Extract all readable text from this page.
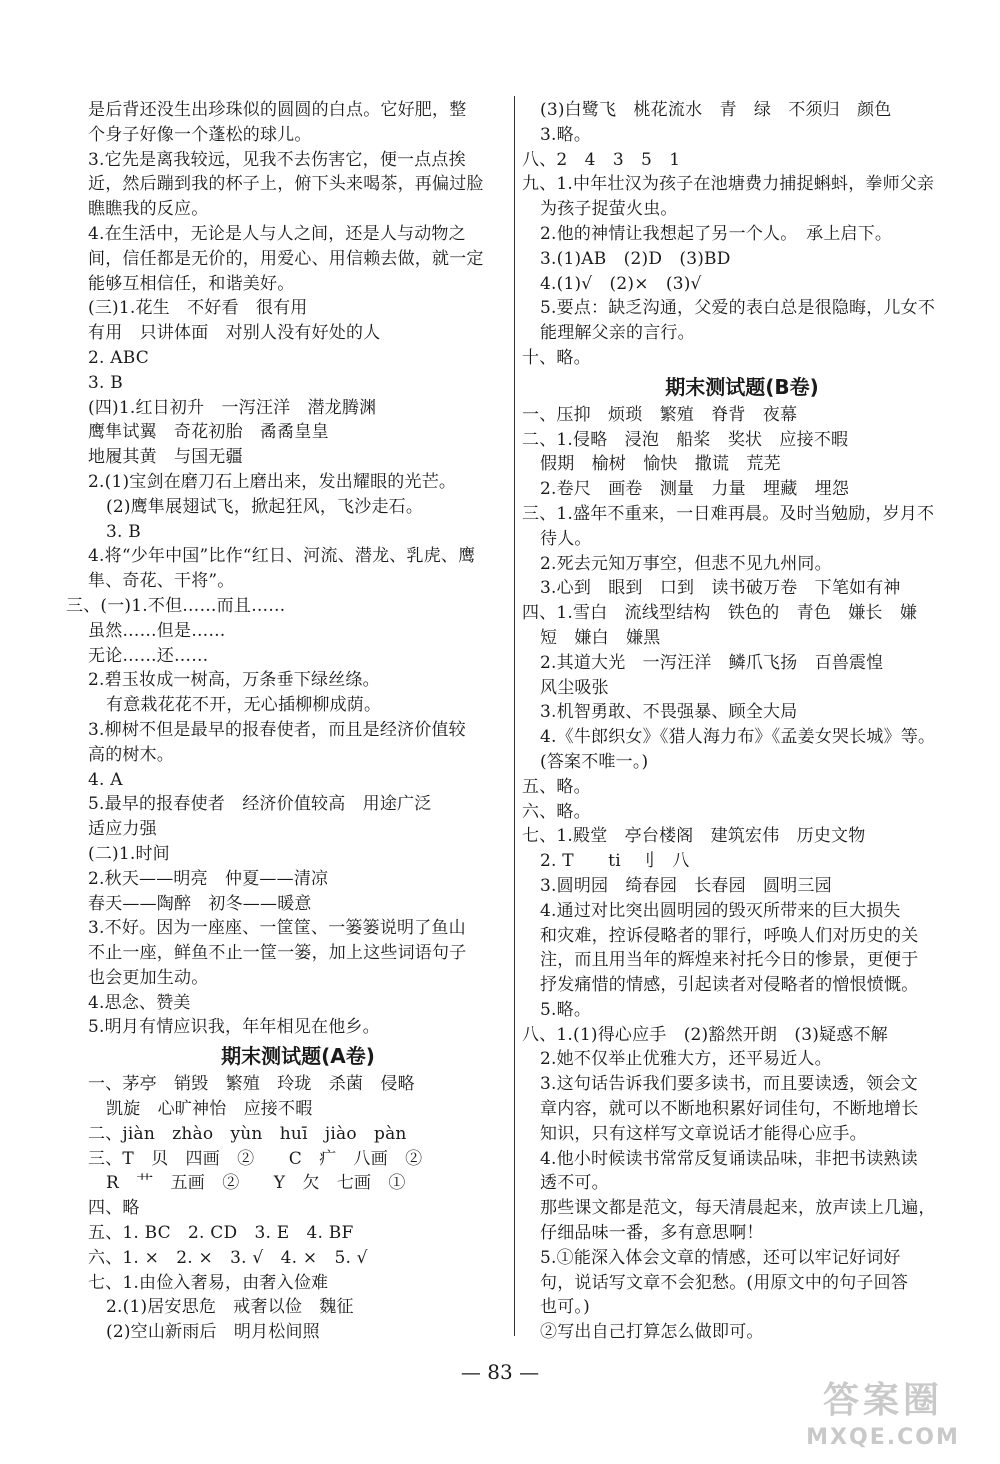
是后背还没生出珍珠似的圆圆的白点。它好肥，整
个身子好像一个蓬松的球儿。
3.它先是离我较远，见我不去伤害它，便一点点挨
近，然后蹦到我的杯子上，俯下头来喝茶，再偏过脸
瞧瞧我的反应。
4.在生活中，无论是人与人之间，还是人与动物之
间，信任都是无价的，用爱心、用信赖去做，就一定
能够互相信任，和谐美好。
(三)1.花生　不好看　很有用
有用　只讲体面　对别人没有好处的人
2. ABC
3. B
(四)1.红日初升　一泻汪洋　潜龙腾渊
鹰隼试翼　奇花初胎　矞矞皇皇
地履其黄　与国无疆
2.(1)宝剑在磨刀石上磨出来，发出耀眼的光芒。
(2)鹰隼展翅试飞，掀起狂风，飞沙走石。
3. B
4.将“少年中国”比作“红日、河流、潜龙、乳虎、鹰
隼、奇花、干将”。
三、(一)1.不但……而且……
虽然……但是……
无论……还……
2.碧玉妆成一树高，万条垂下绿丝绦。
有意栽花花不开，无心插柳柳成荫。
3.柳树不但是最早的报春使者，而且是经济价值较
高的树木。
4. A
5.最早的报春使者　经济价值较高　用途广泛
适应力强
(二)1.时间
2.秋天——明亮　仲夏——清凉
春天——陶醉　初冬——暖意
3.不好。因为一座座、一筐筐、一篓篓说明了鱼山
不止一座，鲜鱼不止一筐一篓，加上这些词语句子
也会更加生动。
4.思念、赞美
5.明月有情应识我，年年相见在他乡。
期末测试题(A卷)
一、茅亭　销毁　繁殖　玲珑　杀菌　侵略
凯旋　心旷神怡　应接不暇
二、jiàn　zhào　yùn　huī　jiào　pàn
三、T　贝　四画　②　　C　疒　八画　②
R　艹　五画　②　　Y　欠　七画　①
四、略
五、1. BC　2. CD　3. E　4. BF
六、1. ×　2. ×　3. √　4. ×　5. √
七、1.由俭入奢易，由奢入俭难
2.(1)居安思危　戒奢以俭　魏征
(2)空山新雨后　明月松间照
(3)白鹭飞　桃花流水　青　绿　不须归　颜色
3.略。
八、2　4　3　5　1
九、1.中年壮汉为孩子在池塘费力捕捉蝌蚪，拳师父亲
为孩子捉萤火虫。
2.他的神情让我想起了另一个人。　承上启下。
3.(1)AB　(2)D　(3)BD
4.(1)√　(2)×　(3)√
5.要点：缺乏沟通，父爱的表白总是很隐晦，儿女不
能理解父亲的言行。
十、略。
期末测试题(B卷)
一、压抑　烦琐　繁殖　脊背　夜幕
二、1.侵略　浸泡　船桨　奖状　应接不暇
假期　榆树　愉快　撒谎　荒芜
2.卷尺　画卷　测量　力量　埋藏　埋怨
三、1.盛年不重来，一日难再晨。及时当勉励，岁月不
待人。
2.死去元知万事空，但悲不见九州同。
3.心到　眼到　口到　读书破万卷　下笔如有神
四、1.雪白　流线型结构　铁色的　青色　嫌长　嫌
短　嫌白　嫌黑
2.其道大光　一泻汪洋　鳞爪飞扬　百兽震惶
风尘吸张
3.机智勇敢、不畏强暴、顾全大局
4.《牛郎织女》《猎人海力布》《孟姜女哭长城》等。
(答案不唯一。)
五、略。
六、略。
七、1.殿堂　亭台楼阁　建筑宏伟　历史文物
2. T　　ti　刂　八
3.圆明园　绮春园　长春园　圆明三园
4.通过对比突出圆明园的毁灭所带来的巨大损失
和灾难，控诉侵略者的罪行，呼唤人们对历史的关
注，而且用当年的辉煌来衬托今日的惨景，更便于
抒发痛惜的情感，引起读者对侵略者的憎恨愤慨。
5.略。
八、1.(1)得心应手　(2)豁然开朗　(3)疑惑不解
2.她不仅举止优雅大方，还平易近人。
3.这句话告诉我们要多读书，而且要读透，领会文
章内容，就可以不断地积累好词佳句，不断地增长
知识，只有这样写文章说话才能得心应手。
4.他小时候读书常常反复诵读品味，非把书读熟读
透不可。
那些课文都是范文，每天清晨起来，放声读上几遍，
仔细品味一番，多有意思啊！
5.①能深入体会文章的情感，还可以牢记好词好
句，说话写文章不会犯愁。(用原文中的句子回答
也可。)
②写出自己打算怎么做即可。
— 83 —
答案圈
MXQE.COM
